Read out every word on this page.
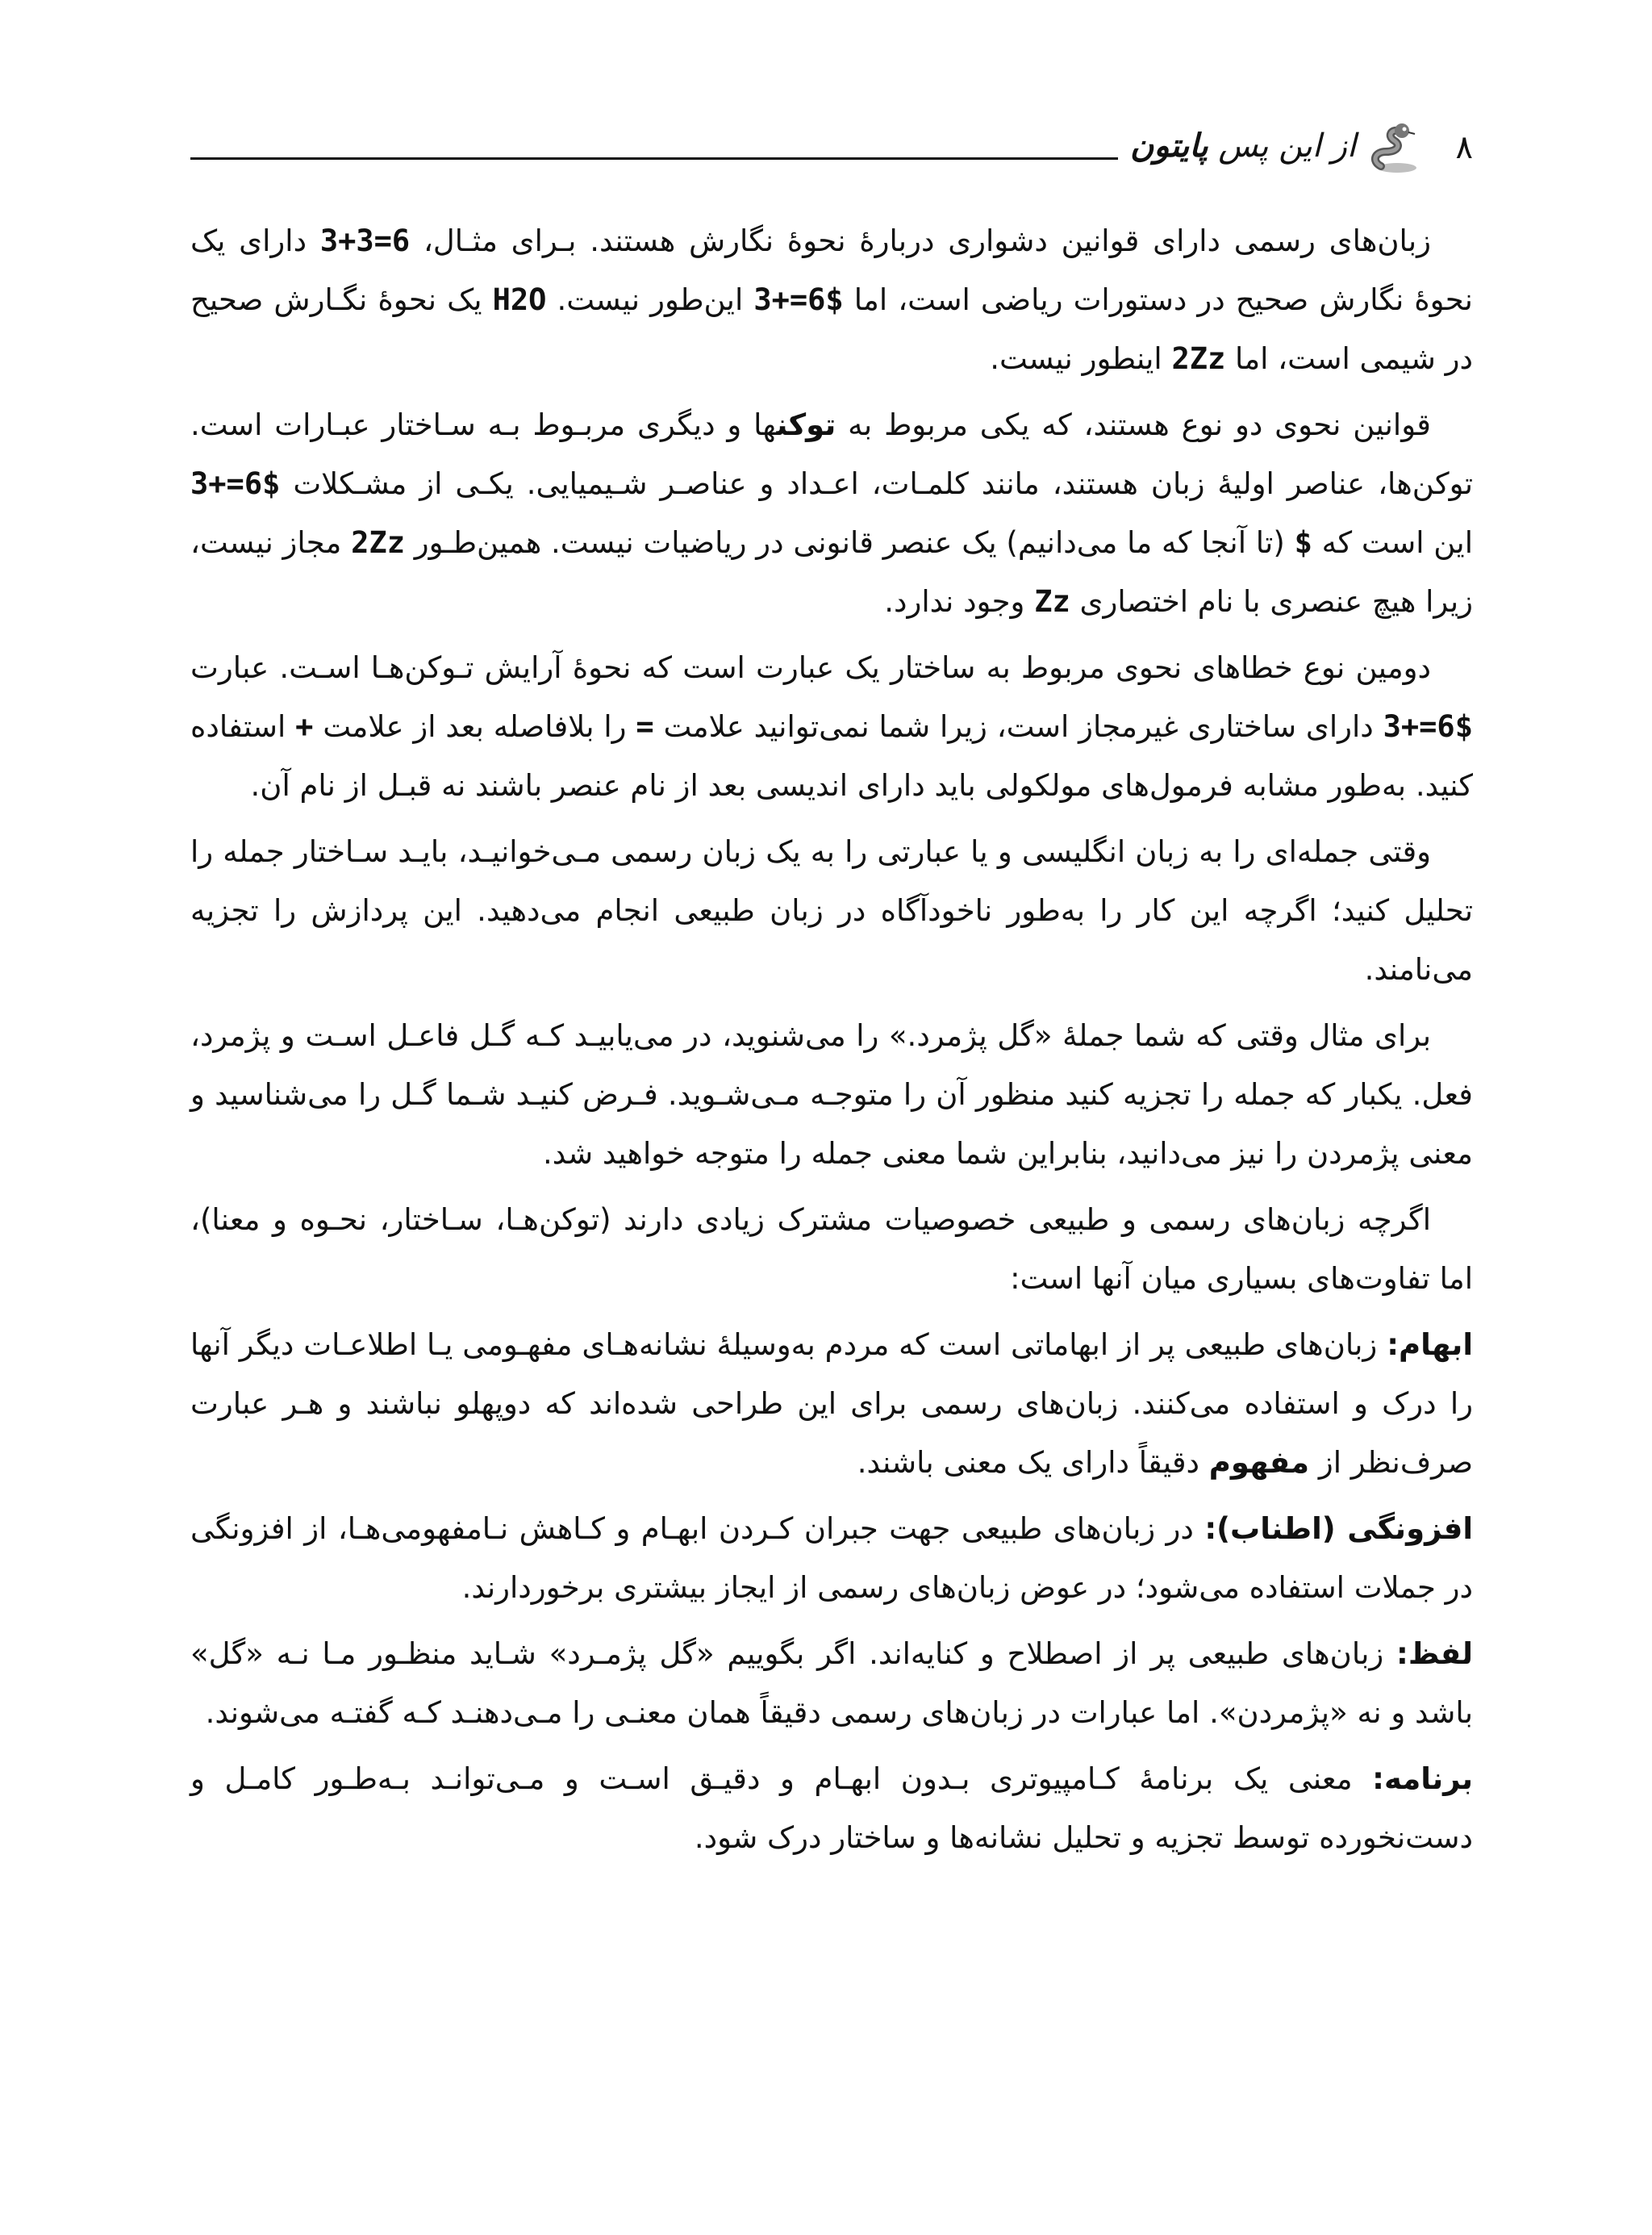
۸
از این پس پایتون

زبان‌های رسمی دارای قوانین دشواری دربارهٔ نحوهٔ نگارش هستند. بـرای مثـال، 3+3=6 دارای یک نحوهٔ نگارش صحیح در دستورات ریاضی است، اما 3+=6$ این‌طور نیست. H2O یک نحوهٔ نگـارش صحیح در شیمی است، اما 2Zz اینطور نیست.

قوانین نحوی دو نوع هستند، که یکی مربوط به توکنها و دیگری مربـوط بـه سـاختار عبـارات است. توکن‌ها، عناصر اولیهٔ زبان هستند، مانند کلمـات، اعـداد و عناصـر شـیمیایی. یکـی از مشـکلات 3+=6$ این است که $ (تا آنجا که ما می‌دانیم) یک عنصر قانونی در ریاضیات نیست. همین‌طـور 2Zz مجاز نیست، زیرا هیچ عنصری با نام اختصاری Zz وجود ندارد.

دومین نوع خطاهای نحوی مربوط به ساختار یک عبارت است که نحوهٔ آرایش تـوکن‌هـا اسـت. عبارت 3+=6$ دارای ساختاری غیرمجاز است، زیرا شما نمی‌توانید علامت = را بلافاصله بعد از علامت + استفاده کنید. به‌طور مشابه فرمول‌های مولکولی باید دارای اندیسی بعد از نام عنصر باشند نه قبـل از نام آن.

وقتی جمله‌ای را به زبان انگلیسی و یا عبارتی را به یک زبان رسمی مـی‌خوانیـد، بایـد سـاختار جمله را تحلیل کنید؛ اگرچه این کار را به‌طور ناخودآگاه در زبان طبیعی انجام می‌دهید. این پردازش را تجزیه می‌نامند.

برای مثال وقتی که شما جملهٔ «گل پژمرد.» را می‌شنوید، در می‌یابیـد کـه گـل فاعـل اسـت و پژمرد، فعل. یکبار که جمله را تجزیه کنید منظور آن را متوجـه مـی‌شـوید. فـرض کنیـد شـما گـل را می‌شناسید و معنی پژمردن را نیز می‌دانید، بنابراین شما معنی جمله را متوجه خواهید شد.

اگرچه زبان‌های رسمی و طبیعی خصوصیات مشترک زیادی دارند (توکن‌هـا، سـاختار، نحـوه و معنا)، اما تفاوت‌های بسیاری میان آنها است:

ابهام: زبان‌های طبیعی پر از ابهاماتی است که مردم به‌وسیلهٔ نشانه‌هـای مفهـومی یـا اطلاعـات دیگر آنها را درک و استفاده می‌کنند. زبان‌های رسمی برای این طراحی شده‌اند که دوپهلو نباشند و هـر عبارت صرف‌نظر از مفهوم دقیقاً دارای یک معنی باشند.

افزونگی (اطناب): در زبان‌های طبیعی جهت جبران کـردن ابهـام و کـاهش نـامفهومی‌هـا، از افزونگی در جملات استفاده می‌شود؛ در عوض زبان‌های رسمی از ایجاز بیشتری برخوردارند.

لفظ: زبان‌های طبیعی پر از اصطلاح و کنایه‌اند. اگر بگوییم «گل پژمـرد» شـاید منظـور مـا نـه «گل» باشد و نه «پژمردن». اما عبارات در زبان‌های رسمی دقیقاً همان معنـی را مـی‌دهنـد کـه گفتـه می‌شوند.

برنامه: معنی یک برنامهٔ کـامپیوتری بـدون ابهـام و دقیـق اسـت و مـی‌توانـد بـه‌طـور کامـل و دست‌نخورده توسط تجزیه و تحلیل نشانه‌ها و ساختار درک شود.
